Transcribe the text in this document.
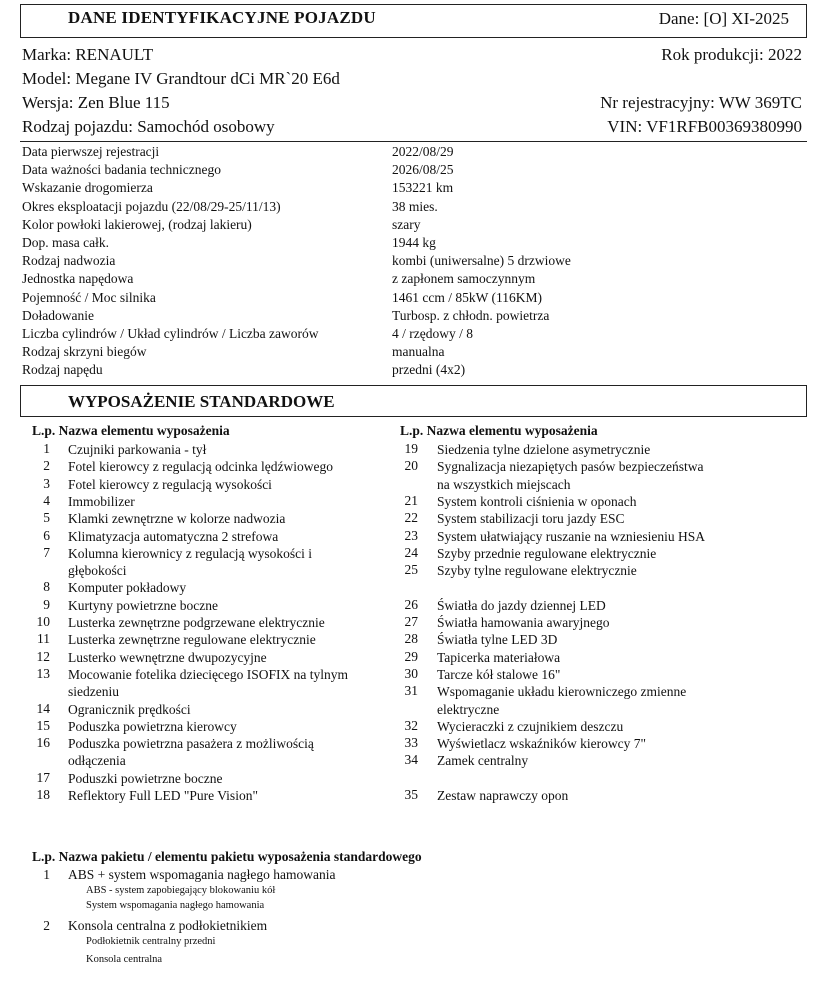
DANE IDENTYFIKACYJNE POJAZDU	Dane: [O] XI-2025
Marka: RENAULT
Model: Megane IV Grandtour dCi MR`20 E6d
Wersja: Zen Blue 115
Rodzaj pojazdu: Samochód osobowy
Rok produkcji: 2022
Nr rejestracyjny: WW 369TC
VIN: VF1RFB00369380990
Data pierwszej rejestracji	2022/08/29
Data ważności badania technicznego	2026/08/25
Wskazanie drogomierza	153221 km
Okres eksploatacji pojazdu (22/08/29-25/11/13)	38 mies.
Kolor powłoki lakierowej, (rodzaj lakieru)	szary
Dop. masa całk.	1944 kg
Rodzaj nadwozia	kombi (uniwersalne) 5 drzwiowe
Jednostka napędowa	z zapłonem samoczynnym
Pojemność / Moc silnika	1461 ccm / 85kW (116KM)
Doładowanie	Turbosp. z chłodn. powietrza
Liczba cylindrów / Układ cylindrów / Liczba zaworów	4 / rzędowy / 8
Rodzaj skrzyni biegów	manualna
Rodzaj napędu	przedni (4x2)
WYPOSAŻENIE STANDARDOWE
L.p. Nazwa elementu wyposażenia	L.p. Nazwa elementu wyposażenia
1 Czujniki parkowania - tył
2 Fotel kierowcy z regulacją odcinka lędźwiowego
3 Fotel kierowcy z regulacją wysokości
4 Immobilizer
5 Klamki zewnętrzne w kolorze nadwozia
6 Klimatyzacja automatyczna 2 strefowa
7 Kolumna kierownicy z regulacją wysokości i
głębokości
8 Komputer pokładowy
9 Kurtyny powietrzne boczne
10 Lusterka zewnętrzne podgrzewane elektrycznie
11 Lusterka zewnętrzne regulowane elektrycznie
12 Lusterko wewnętrzne dwupozycyjne
13 Mocowanie fotelika dziecięcego ISOFIX na tylnym
siedzeniu
14 Ogranicznik prędkości
15 Poduszka powietrzna kierowcy
16 Poduszka powietrzna pasażera z możliwością
odłączenia
17 Poduszki powietrzne boczne
18 Reflektory Full LED "Pure Vision"
19 Siedzenia tylne dzielone asymetrycznie
20 Sygnalizacja niezapiętych pasów bezpieczeństwa
na wszystkich miejscach
21 System kontroli ciśnienia w oponach
22 System stabilizacji toru jazdy ESC
23 System ułatwiający ruszanie na wzniesieniu HSA
24 Szyby przednie regulowane elektrycznie
25 Szyby tylne regulowane elektrycznie
26 Światła do jazdy dziennej LED
27 Światła hamowania awaryjnego
28 Światła tylne LED 3D
29 Tapicerka materiałowa
30 Tarcze kół stalowe 16"
31 Wspomaganie układu kierowniczego zmienne
elektryczne
32 Wycieraczki z czujnikiem deszczu
33 Wyświetlacz wskaźników kierowcy 7"
34 Zamek centralny
35 Zestaw naprawczy opon
L.p. Nazwa pakietu / elementu pakietu wyposażenia standardowego
1 ABS + system wspomagania nagłego hamowania
ABS - system zapobiegający blokowaniu kół
System wspomagania nagłego hamowania
2 Konsola centralna z podłokietnikiem
Podłokietnik centralny przedni
Konsola centralna
